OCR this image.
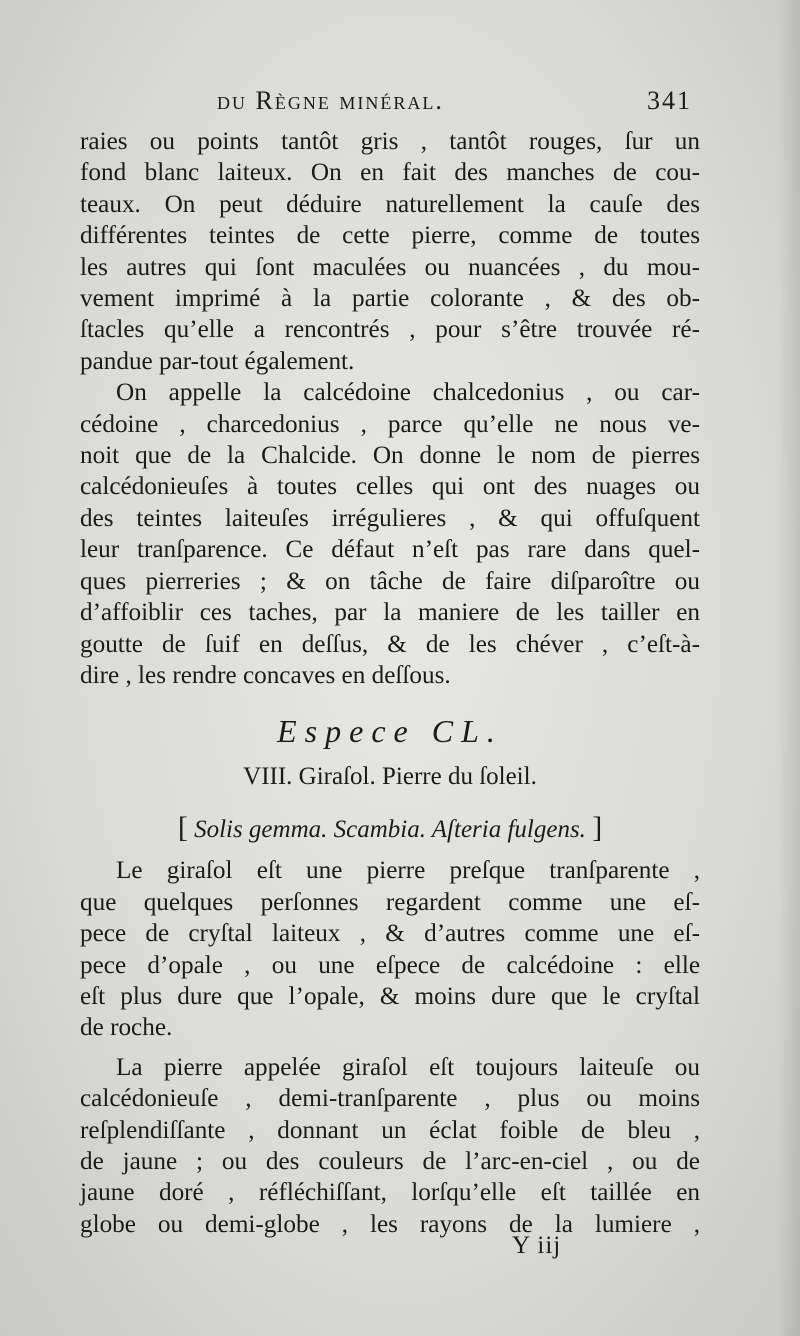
du Règne minéral.	341

raies ou points tantôt gris , tantôt rouges, ſur un
fond blanc laiteux. On en fait des manches de cou-
teaux. On peut déduire naturellement la cauſe des
différentes teintes de cette pierre, comme de toutes
les autres qui ſont maculées ou nuancées , du mou-
vement imprimé à la partie colorante , & des ob-
ſtacles qu’elle a rencontrés , pour s’être trouvée ré-
pandue par-tout également.

On appelle la calcédoine chalcedonius , ou car-
cédoine , charcedonius , parce qu’elle ne nous ve-
noit que de la Chalcide. On donne le nom de pierres
calcédonieuſes à toutes celles qui ont des nuages ou
des teintes laiteuſes irrégulieres , & qui offuſquent
leur tranſparence. Ce défaut n’eſt pas rare dans quel-
ques pierreries ; & on tâche de faire diſparoître ou
d’affoiblir ces taches, par la maniere de les tailler en
goutte de ſuif en deſſus, & de les chéver , c’eſt-à-
dire , les rendre concaves en deſſous.

Espece CL.
VIII. Giraſol. Pierre du ſoleil.
[ Solis gemma. Scambia. Aſteria fulgens. ]

Le giraſol eſt une pierre preſque tranſparente ,
que quelques perſonnes regardent comme une eſ-
pece de cryſtal laiteux , & d’autres comme une eſ-
pece d’opale , ou une eſpece de calcédoine : elle
eſt plus dure que l’opale, & moins dure que le cryſtal
de roche.

La pierre appelée giraſol eſt toujours laiteuſe ou
calcédonieuſe , demi-tranſparente , plus ou moins
reſplendiſſante , donnant un éclat foible de bleu ,
de jaune ; ou des couleurs de l’arc-en-ciel , ou de
jaune doré , réfléchiſſant, lorſqu’elle eſt taillée en
globe ou demi-globe , les rayons de la lumiere ,

Y iij
